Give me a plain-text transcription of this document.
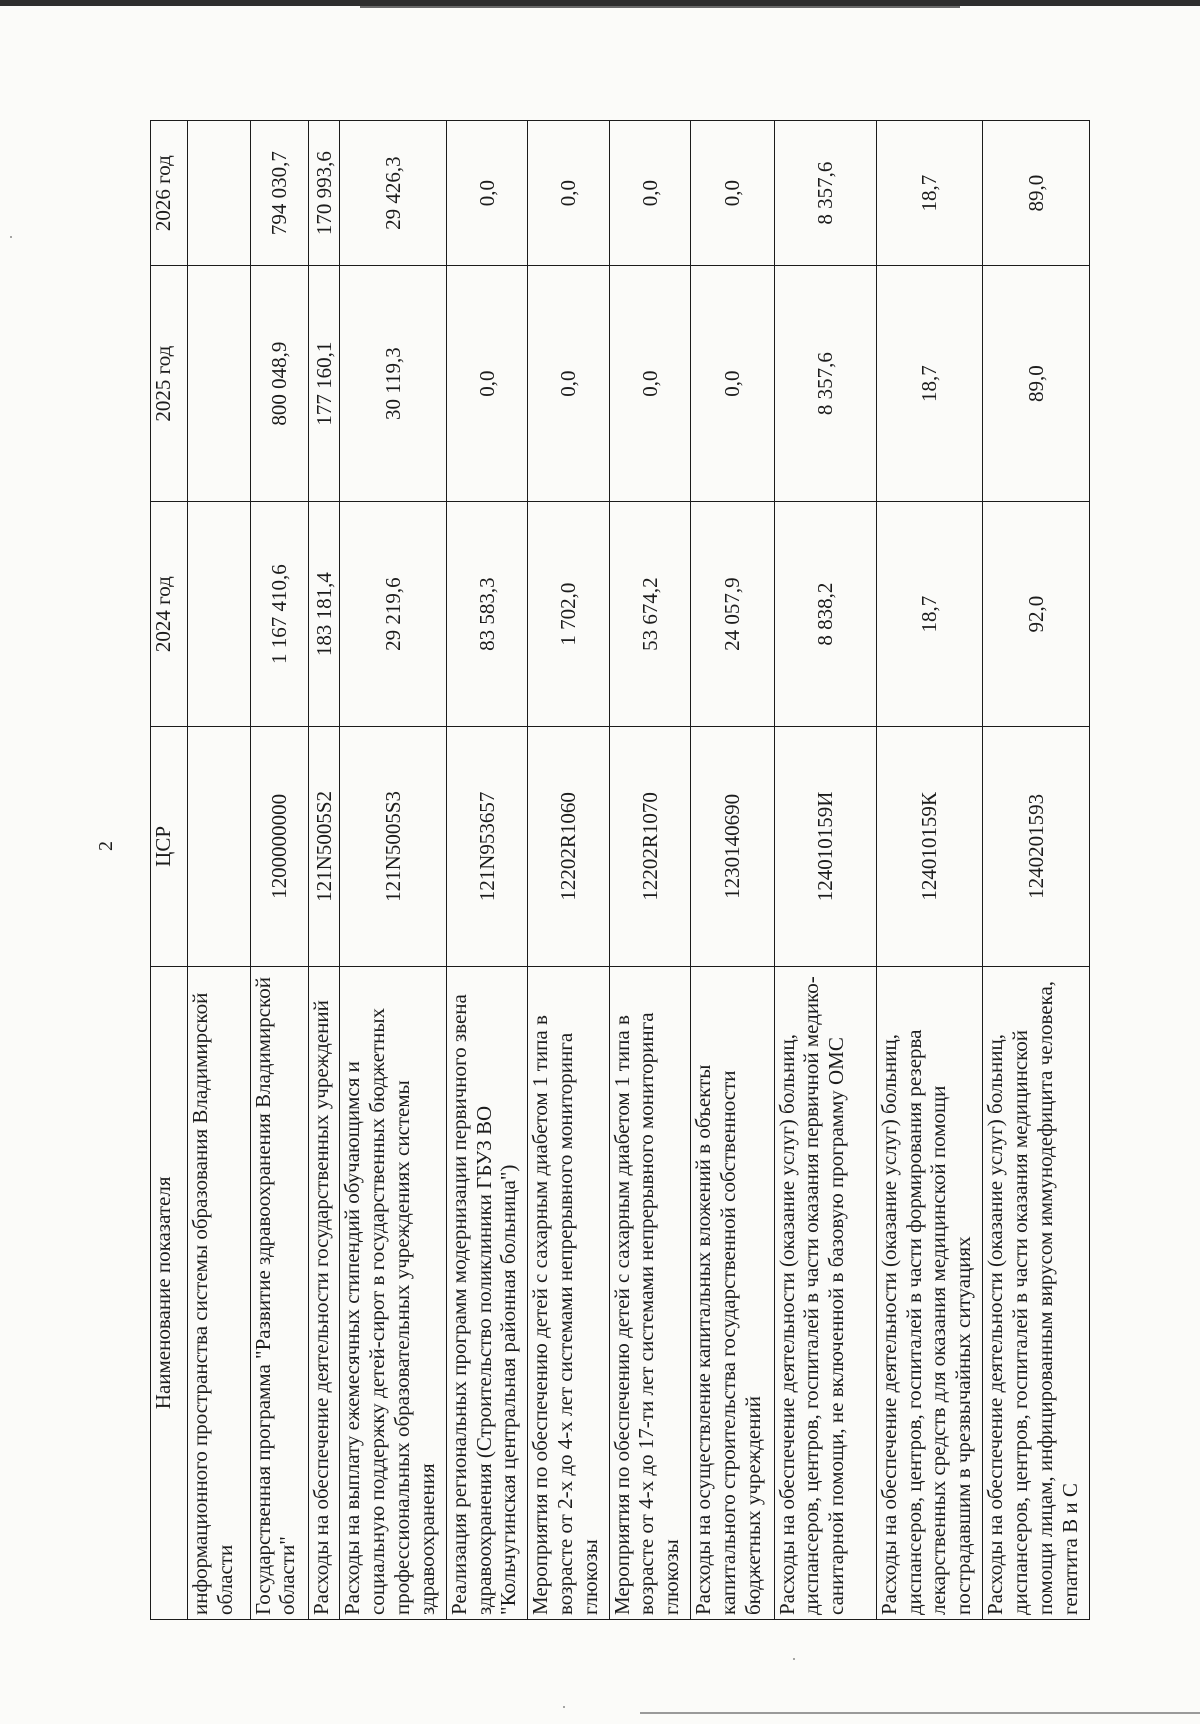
2
Наименование показателя	ЦСР	2024 год	2025 год	2026 год
информационного пространства системы образования Владимирской области				
Государственная программа "Развитие здравоохранения Владимирской области"	1200000000	1 167 410,6	800 048,9	794 030,7
Расходы на обеспечение деятельности государственных учреждений	121N5005S2	183 181,4	177 160,1	170 993,6
Расходы на выплату ежемесячных стипендий обучающимся и социальную поддержку детей-сирот в государственных бюджетных профессиональных образовательных учреждениях системы здравоохранения	121N5005S3	29 219,6	30 119,3	29 426,3
Реализация региональных программ модернизации первичного звена здравоохранения (Строительство поликлиники ГБУЗ ВО "Кольчугинская центральная районная больница")	121N953657	83 583,3	0,0	0,0
Мероприятия по обеспечению детей с сахарным диабетом 1 типа в возрасте от 2-х до 4-х лет системами непрерывного мониторинга глюкозы	12202R1060	1 702,0	0,0	0,0
Мероприятия по обеспечению детей с сахарным диабетом 1 типа в возрасте от 4-х до 17-ти лет системами непрерывного мониторинга глюкозы	12202R1070	53 674,2	0,0	0,0
Расходы на осуществление капитальных вложений в объекты капитального строительства государственной собственности бюджетных учреждений	1230140690	24 057,9	0,0	0,0
Расходы на обеспечение деятельности (оказание услуг) больниц, диспансеров, центров, госпиталей в части оказания первичной медико-санитарной помощи, не включенной в базовую программу ОМС	124010159И	8 838,2	8 357,6	8 357,6
Расходы на обеспечение деятельности (оказание услуг) больниц, диспансеров, центров, госпиталей в части формирования резерва лекарственных средств для оказания медицинской помощи пострадавшим в чрезвычайных ситуациях	124010159К	18,7	18,7	18,7
Расходы на обеспечение деятельности (оказание услуг) больниц, диспансеров, центров, госпиталей в части оказания медицинской помощи лицам, инфицированным вирусом иммунодефицита человека, гепатита В и С	1240201593	92,0	89,0	89,0
